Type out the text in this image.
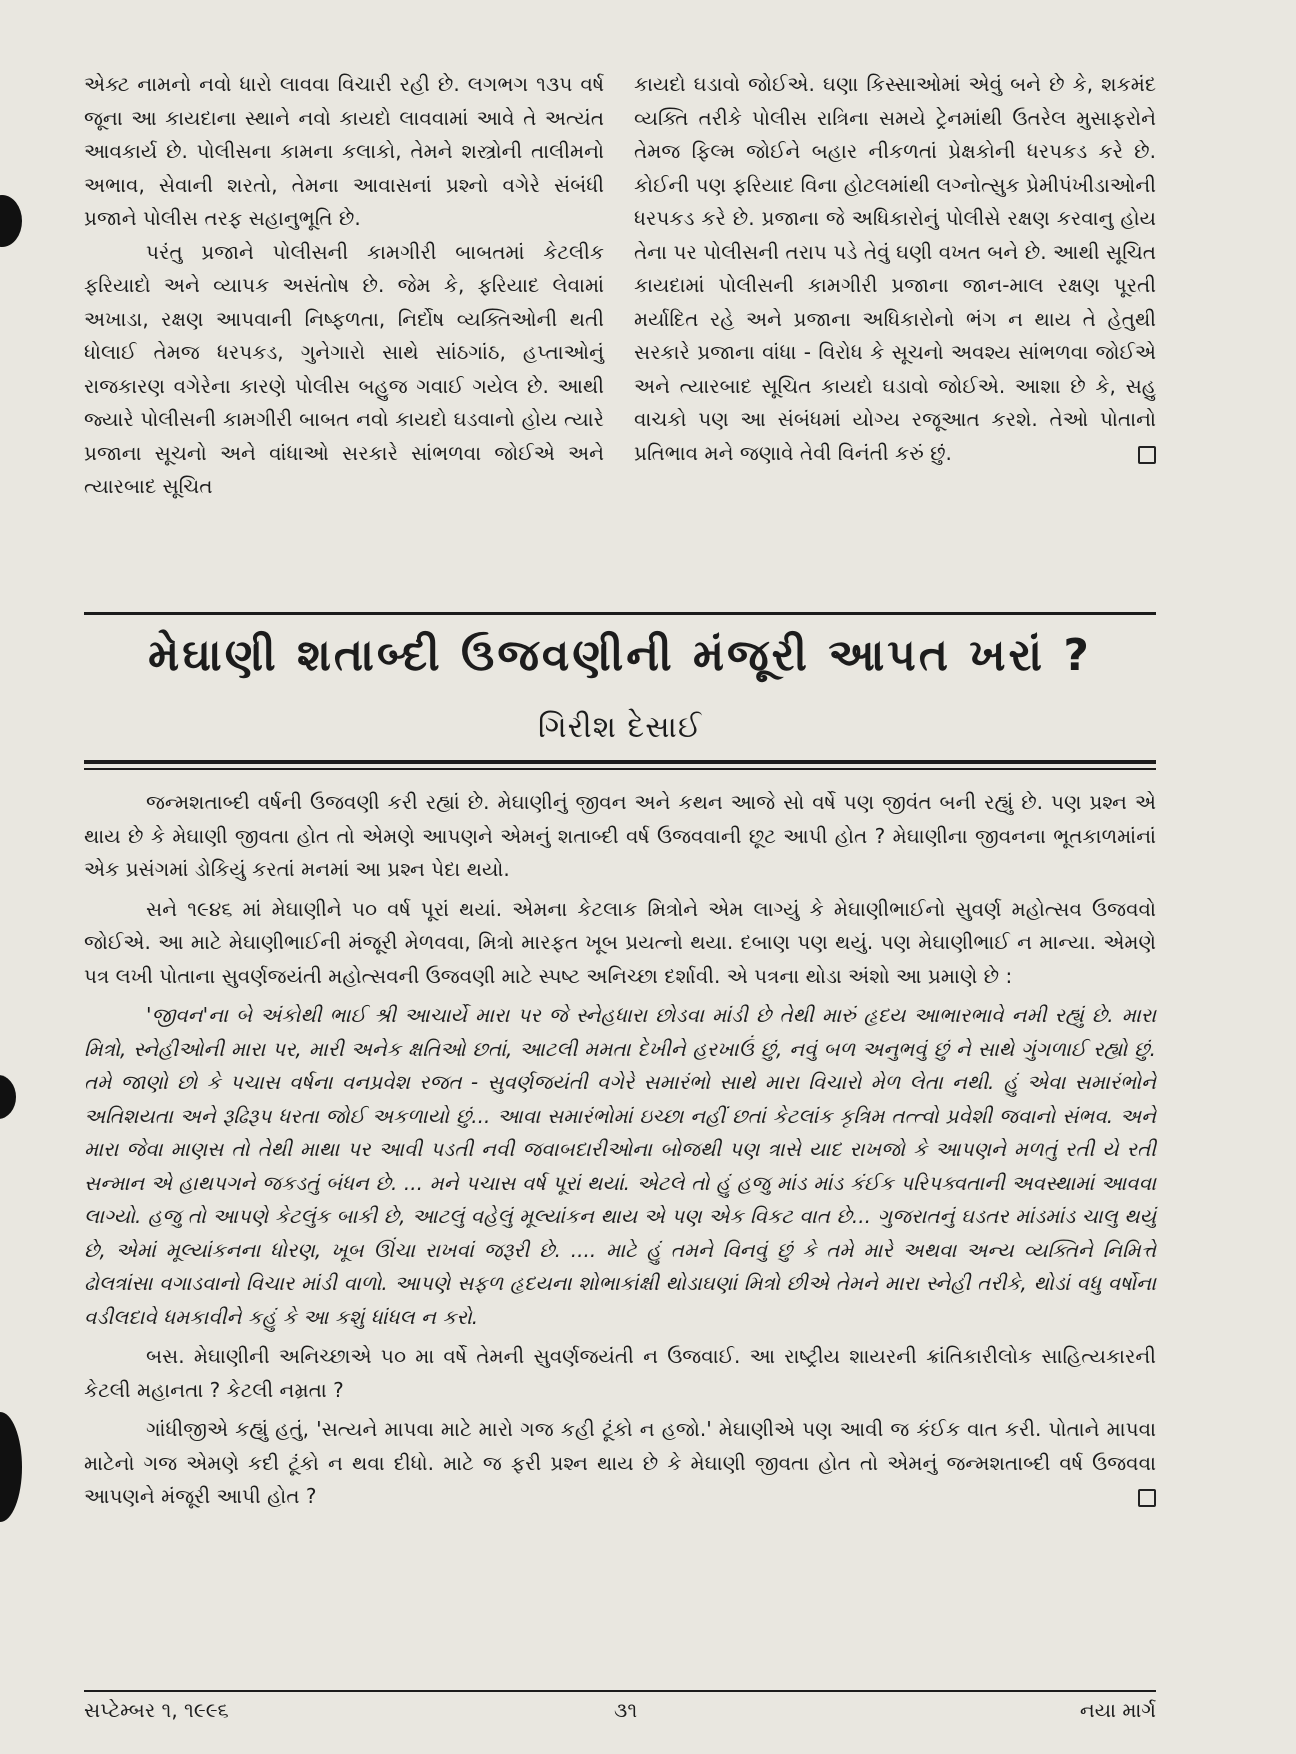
એક્ટ નામનો નવો ધારો લાવવા વિચારી રહી છે. લગભગ ૧૩૫ વર્ષ જૂના આ કાયદાના સ્થાને નવો કાયદો લાવવામાં આવે તે અત્યંત આવકાર્ય છે. પોલીસના કામના કલાકો, તેમને શસ્ત્રોની તાલીમનો અભાવ, સેવાની શરતો, તેમના આવાસનાં પ્રશ્નો વગેરે સંબંધી પ્રજાને પોલીસ તરફ સહાનુભૂતિ છે.

પરંતુ પ્રજાને પોલીસની કામગીરી બાબતમાં કેટલીક ફરિયાદો અને વ્યાપક અસંતોષ છે. જેમ કે, ફરિયાદ લેવામાં અખાડા, રક્ષણ આપવાની નિષ્ફળતા, નિર્દોષ વ્યક્તિઓની થતી ધોલાઈ તેમજ ધરપકડ, ગુનેગારો સાથે સાંઠગાંઠ, હપ્તાઓનું રાજકારણ વગેરેના કારણે પોલીસ બહુજ ગવાઈ ગયેલ છે. આથી જ્યારે પોલીસની કામગીરી બાબત નવો કાયદો ઘડવાનો હોય ત્યારે પ્રજાના સૂચનો અને વાંધાઓ સરકારે સાંભળવા જોઈએ અને ત્યારબાદ સૂચિત

કાયદો ઘડાવો જોઈએ. ઘણા કિસ્સાઓમાં એવું બને છે કે, શકમંદ વ્યક્તિ તરીકે પોલીસ રાત્રિના સમયે ટ્રેનમાંથી ઉતરેલ મુસાફરોને તેમજ ફિલ્મ જોઈને બહાર નીકળતાં પ્રેક્ષકોની ધરપકડ કરે છે. કોઈની પણ ફરિયાદ વિના હોટલમાંથી લગ્નોત્સુક પ્રેમીપંખીડાઓની ધરપકડ કરે છે. પ્રજાના જે અધિકારોનું પોલીસે રક્ષણ કરવાનુ હોય તેના પર પોલીસની તરાપ પડે તેવું ઘણી વખત બને છે. આથી સૂચિત કાયદામાં પોલીસની કામગીરી પ્રજાના જાન-માલ રક્ષણ પૂરતી મર્યાદિત રહે અને પ્રજાના અધિકારોનો ભંગ ન થાય તે હેતુથી સરકારે પ્રજાના વાંધા - વિરોધ કે સૂચનો અવશ્ય સાંભળવા જોઈએ અને ત્યારબાદ સૂચિત કાયદો ઘડાવો જોઈએ. આશા છે કે, સહુ વાચકો પણ આ સંબંધમાં યોગ્ય રજૂઆત કરશે. તેઓ પોતાનો પ્રતિભાવ મને જણાવે તેવી વિનંતી કરું છું.

મેઘાણી શતાબ્દી ઉજવણીની મંજૂરી આપત ખરાં ?
ગિરીશ દેસાઈ

જન્મશતાબ્દી વર્ષની ઉજવણી કરી રહ્યાં છે. મેઘાણીનું જીવન અને કથન આજે સો વર્ષે પણ જીવંત બની રહ્યું છે. પણ પ્રશ્ન એ થાય છે કે મેઘાણી જીવતા હોત તો એમણે આપણને એમનું શતાબ્દી વર્ષ ઉજવવાની છૂટ આપી હોત ? મેઘાણીના જીવનના ભૂતકાળમાંનાં એક પ્રસંગમાં ડોકિયું કરતાં મનમાં આ પ્રશ્ન પેદા થયો.

સને ૧૯૪૬ માં મેઘાણીને ૫૦ વર્ષ પૂરાં થયાં. એમના કેટલાક મિત્રોને એમ લાગ્યું કે મેઘાણીભાઈનો સુવર્ણ મહોત્સવ ઉજવવો જોઈએ. આ માટે મેઘાણીભાઈની મંજૂરી મેળવવા, મિત્રો મારફત ખૂબ પ્રયત્નો થયા. દબાણ પણ થયું. પણ મેઘાણીભાઈ ન માન્યા. એમણે પત્ર લખી પોતાના સુવર્ણજયંતી મહોત્સવની ઉજવણી માટે સ્પષ્ટ અનિચ્છા દર્શાવી. એ પત્રના થોડા અંશો આ પ્રમાણે છે :

'જીવન'ના બે અંકોથી ભાઈ શ્રી આચાર્યે મારા પર જે સ્નેહધારા છોડવા માંડી છે તેથી મારું હૃદય આભારભાવે નમી રહ્યું છે. મારા મિત્રો, સ્નેહીઓની મારા પર, મારી અનેક ક્ષતિઓ છતાં, આટલી મમતા દેખીને હરખાઉં છું, નવું બળ અનુભવું છું ને સાથે ગુંગળાઈ રહ્યો છું. તમે જાણો છો કે પચાસ વર્ષના વનપ્રવેશ રજત - સુવર્ણજયંતી વગેરે સમારંભો સાથે મારા વિચારો મેળ લેતા નથી. હું એવા સમારંભોને અતિશયતા અને રૂઢિરૂપ ધરતા જોઈ અકળાયો છું... આવા સમારંભોમાં ઇચ્છા નહીં છતાં કેટલાંક કૃત્રિમ તત્ત્વો પ્રવેશી જવાનો સંભવ. અને મારા જેવા માણસ તો તેથી માથા પર આવી પડતી નવી જવાબદારીઓના બોજથી પણ ત્રાસે યાદ રાખજો કે આપણને મળતું રતી યે રતી સન્માન એ હાથપગને જકડતું બંધન છે. ... મને પચાસ વર્ષ પૂરાં થયાં. એટલે તો હું હજુ માંડ માંડ કંઈક પરિપક્વતાની અવસ્થામાં આવવા લાગ્યો. હજુ તો આપણે કેટલુંક બાકી છે, આટલું વહેલું મૂલ્યાંકન થાય એ પણ એક વિકટ વાત છે... ગુજરાતનું ઘડતર માંડમાંડ ચાલુ થયું છે, એમાં મૂલ્યાંકનના ધોરણ, ખૂબ ઊંચા રાખવાં જરૂરી છે. .... માટે હું તમને વિનવું છું કે તમે મારે અથવા અન્ય વ્યક્તિને નિમિત્તે ઢોલત્રાંસા વગાડવાનો વિચાર માંડી વાળો. આપણે સફળ હૃદયના શોભાકાંક્ષી થોડાઘણાં મિત્રો છીએ તેમને મારા સ્નેહી તરીકે, થોડાં વધુ વર્ષોના વડીલદાવે ધમકાવીને કહું કે આ કશું ધાંધલ ન કરો.

બસ. મેઘાણીની અનિચ્છાએ ૫૦ મા વર્ષે તેમની સુવર્ણજયંતી ન ઉજવાઈ. આ રાષ્ટ્રીય શાયરની ક્રાંતિકારીલોક સાહિત્યકારની કેટલી મહાનતા ? કેટલી નમ્રતા ?

ગાંધીજીએ કહ્યું હતું, 'સત્યને માપવા માટે મારો ગજ કહી ટૂંકો ન હજો.' મેઘાણીએ પણ આવી જ કંઈક વાત કરી. પોતાને માપવા માટેનો ગજ એમણે કદી ટૂંકો ન થવા દીધો. માટે જ ફરી પ્રશ્ન થાય છે કે મેઘાણી જીવતા હોત તો એમનું જન્મશતાબ્દી વર્ષ ઉજવવા આપણને મંજૂરી આપી હોત ?

સપ્ટેમ્બર ૧, ૧૯૯૬	૩૧	નયા માર્ગ
